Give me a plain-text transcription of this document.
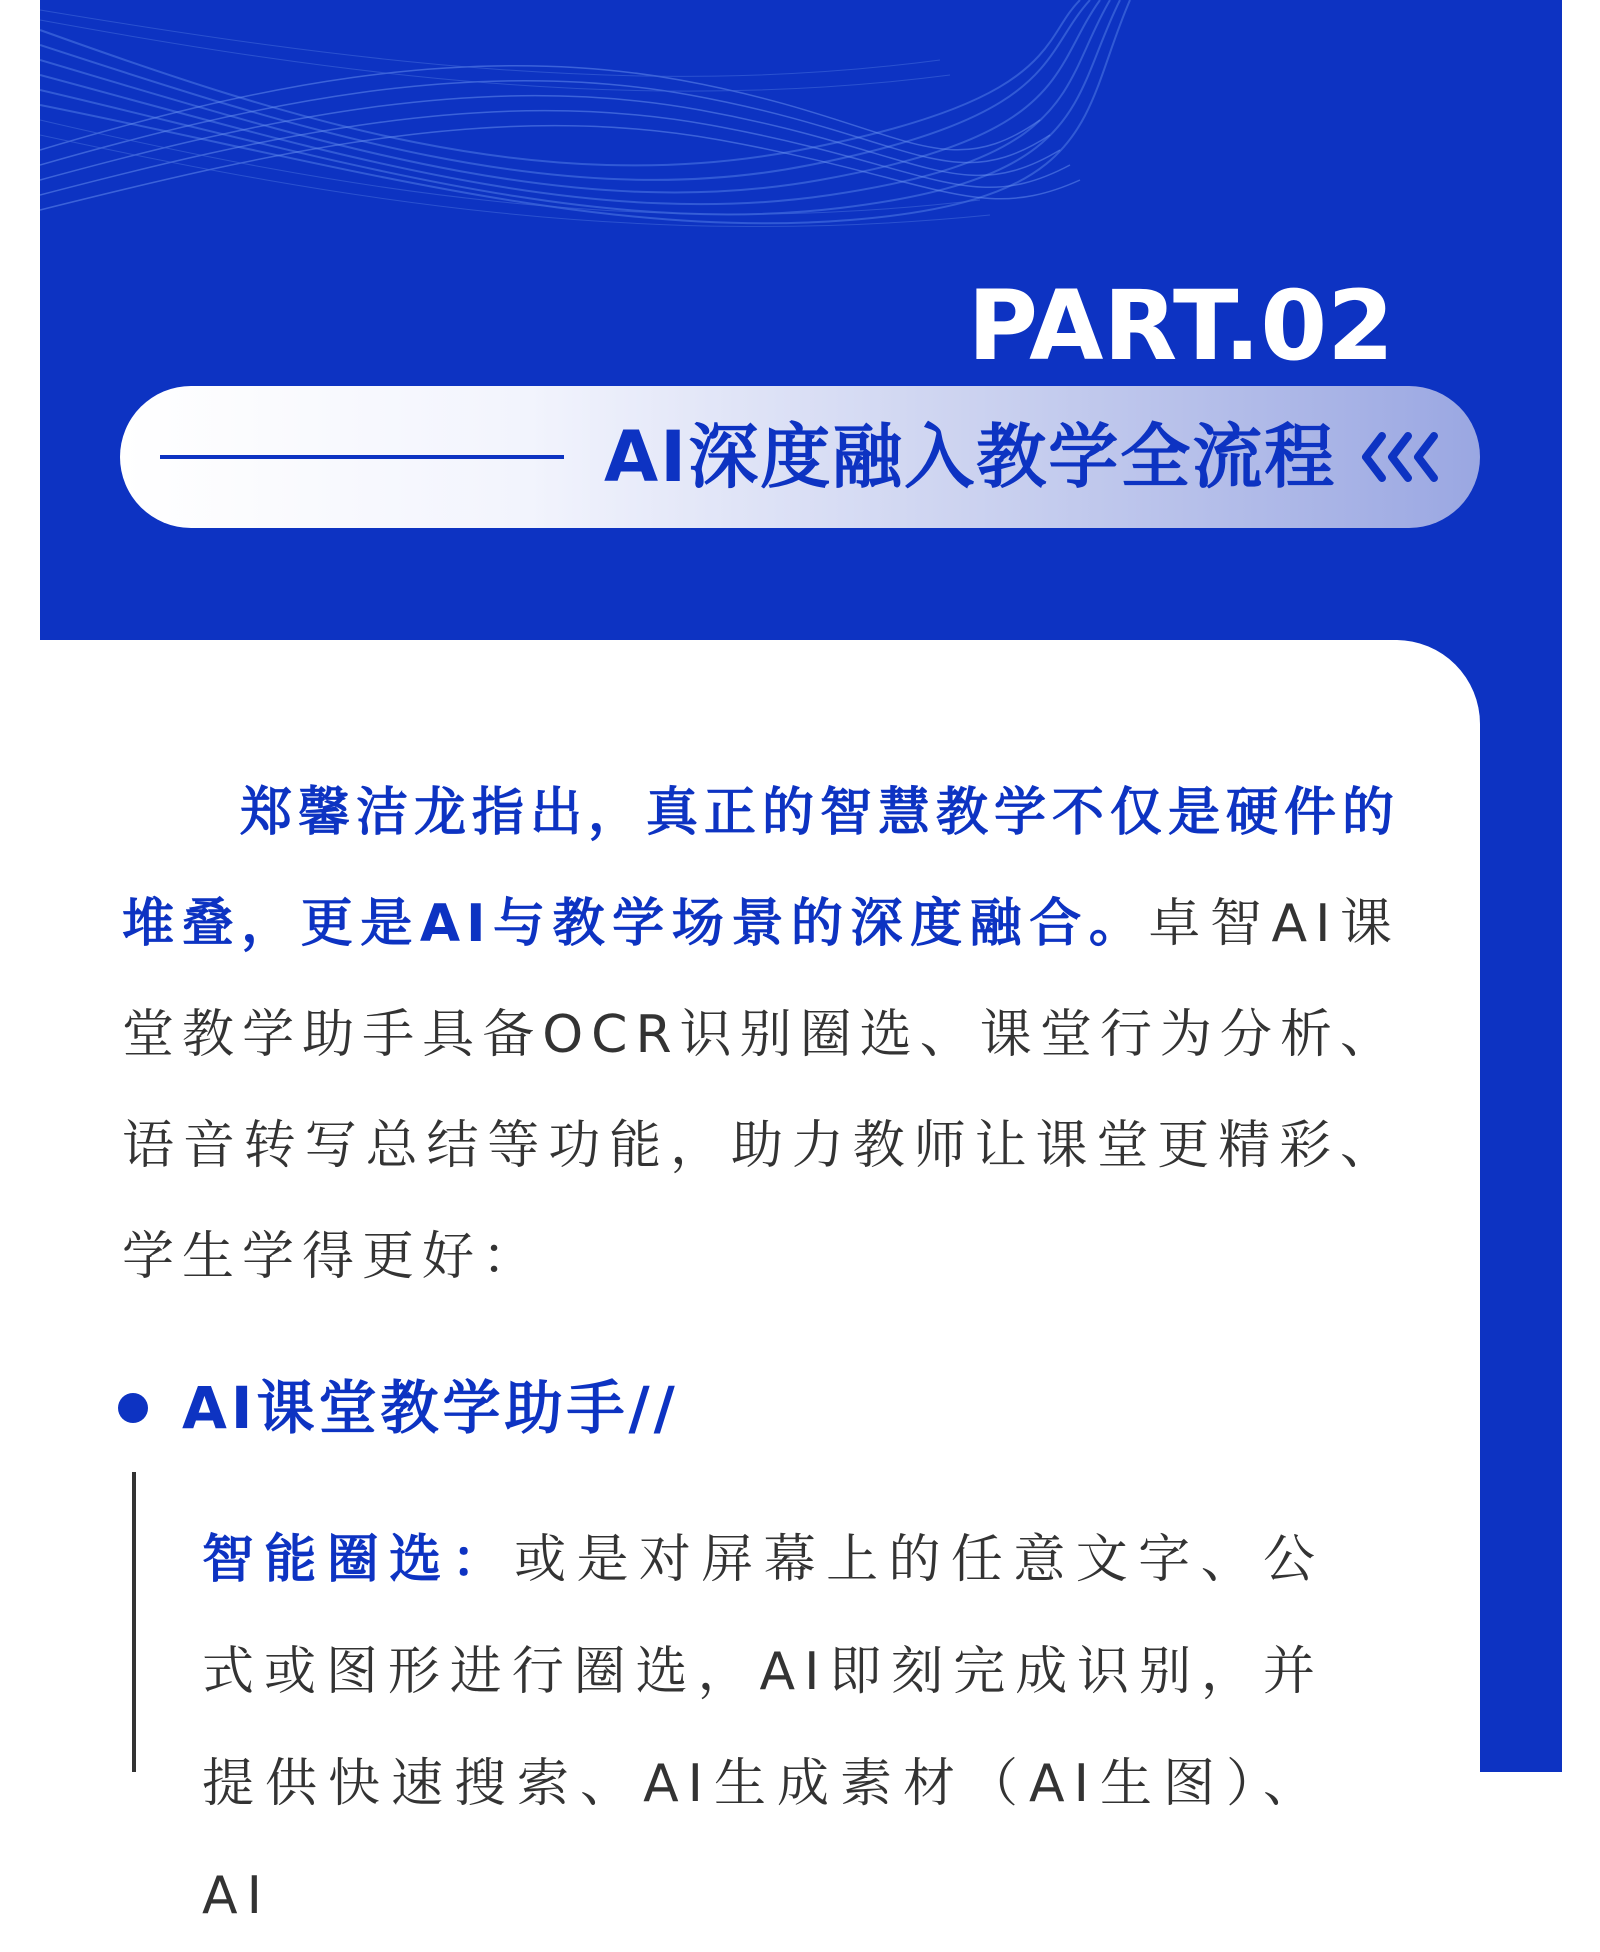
PART.02
AI深度融入教学全流程

郑馨洁龙指出，真正的智慧教学不仅是硬件的堆叠，更是AI与教学场景的深度融合。卓智AI课堂教学助手具备OCR识别圈选、课堂行为分析、语音转写总结等功能，助力教师让课堂更精彩、学生学得更好：

AI课堂教学助手//

智能圈选：或是对屏幕上的任意文字、公式或图形进行圈选，AI即刻完成识别，并提供快速搜索、AI生成素材（AI生图）、AI
